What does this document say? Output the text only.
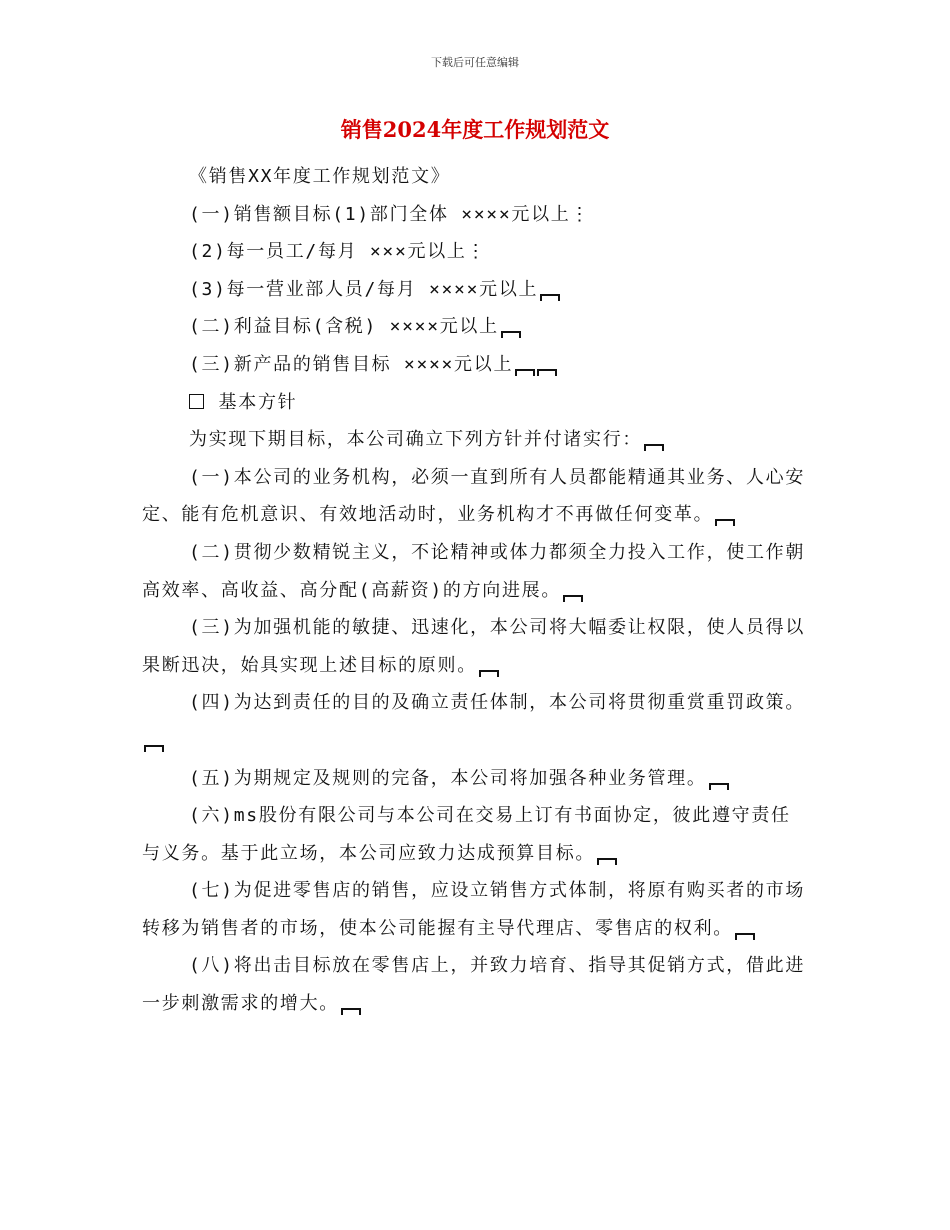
下载后可任意编辑
销售2024年度工作规划范文

《销售XX年度工作规划范文》

(一)销售额目标(1)部门全体 ××××元以上⋮

(2)每一员工/每月 ×××元以上⋮

(3)每一营业部人员/每月 ××××元以上

(二)利益目标(含税) ××××元以上

(三)新产品的销售目标 ××××元以上

基本方针

为实现下期目标，本公司确立下列方针并付诸实行：

(一)本公司的业务机构，必须一直到所有人员都能精通其业务、人心安定、能有危机意识、有效地活动时，业务机构才不再做任何变革。

(二)贯彻少数精锐主义，不论精神或体力都须全力投入工作，使工作朝高效率、高收益、高分配(高薪资)的方向进展。

(三)为加强机能的敏捷、迅速化，本公司将大幅委让权限，使人员得以果断迅决，始具实现上述目标的原则。

(四)为达到责任的目的及确立责任体制，本公司将贯彻重赏重罚政策。

(五)为期规定及规则的完备，本公司将加强各种业务管理。

(六)ms股份有限公司与本公司在交易上订有书面协定，彼此遵守责任与义务。基于此立场，本公司应致力达成预算目标。

(七)为促进零售店的销售，应设立销售方式体制，将原有购买者的市场转移为销售者的市场，使本公司能握有主导代理店、零售店的权利。

(八)将出击目标放在零售店上，并致力培育、指导其促销方式，借此进一步刺激需求的增大。
